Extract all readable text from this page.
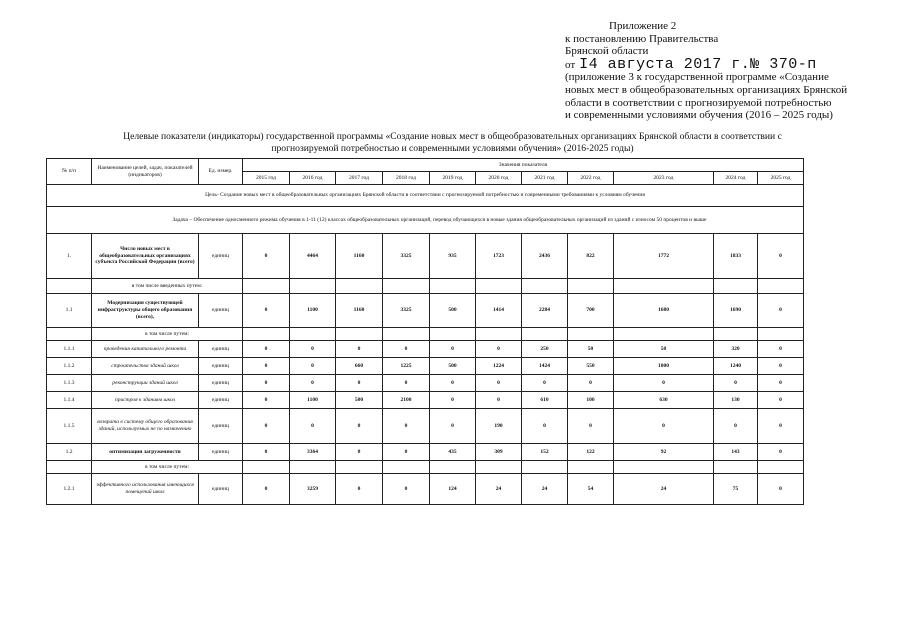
Приложение 2
к постановлению Правительства
Брянской области
от I4 августа 2017 г.№ 370-п
(приложение 3 к государственной программе «Создание
новых мест в общеобразовательных организациях Брянской
области в соответствии с прогнозируемой потребностью
и современными условиями обучения (2016 – 2025 годы)
Целевые показатели (индикаторы) государственной программы «Создание новых мест в общеобразовательных организациях Брянской области в соответствии с
прогнозируемой потребностью и современными условиями обучения» (2016-2025 годы)
№ п/п	Наименование целей, задач, показателей (индикаторов)	Ед. измер.	Значения показателя										
			2015 год	2016 год	2017 год	2018 год	2019 год	2020 год	2021 год	2022 год	2023 год	2024 год	2025 год
Цель- Создание новых мест в общеобразовательных организациях Брянской области в соответствии с прогнозируемой потребностью и современными требованиями к условиям обучения													
Задача – Обеспечение односменного режима обучения в 1-11 (12) классах общеобразовательных организаций, перевод обучающихся в новые здания общеобразовательных организаций из зданий с износом 50 процентов и выше													
1.	Число новых мест в общеобразовательных организациях субъекта Российской Федерации (всего)	единиц	0	4464	1160	3325	935	1723	2436	822	1772	1833	0
	в том числе введенных путем:												
1.1	Модернизация существующей инфраструктуры общего образования (всего),	единиц	0	1100	1160	3325	500	1414	2284	700	1680	1690	0
	в том числе путем:												
1.1.1	проведения капитального ремонта	единиц	0	0	0	0	0	0	250	50	50	320	0
1.1.2	строительства зданий школ	единиц	0	0	660	1225	500	1224	1424	550	1000	1240	0
1.1.3	реконструкции зданий школ	единиц	0	0	0	0	0	0	0	0	0	0	0
1.1.4	пристроя к зданиям школ	единиц	0	1100	500	2100	0	0	610	100	630	130	0
1.1.5	возврата в систему общего образования зданий, используемых не по назначению	единиц	0	0	0	0	0	190	0	0	0	0	0
1.2	оптимизации загруженности	единиц	0	3364	0	0	435	309	152	122	92	143	0
	в том числе путем:												
1.2.1	эффективного использования имеющихся помещений школ	единиц	0	3259	0	0	124	24	24	54	24	75	0
